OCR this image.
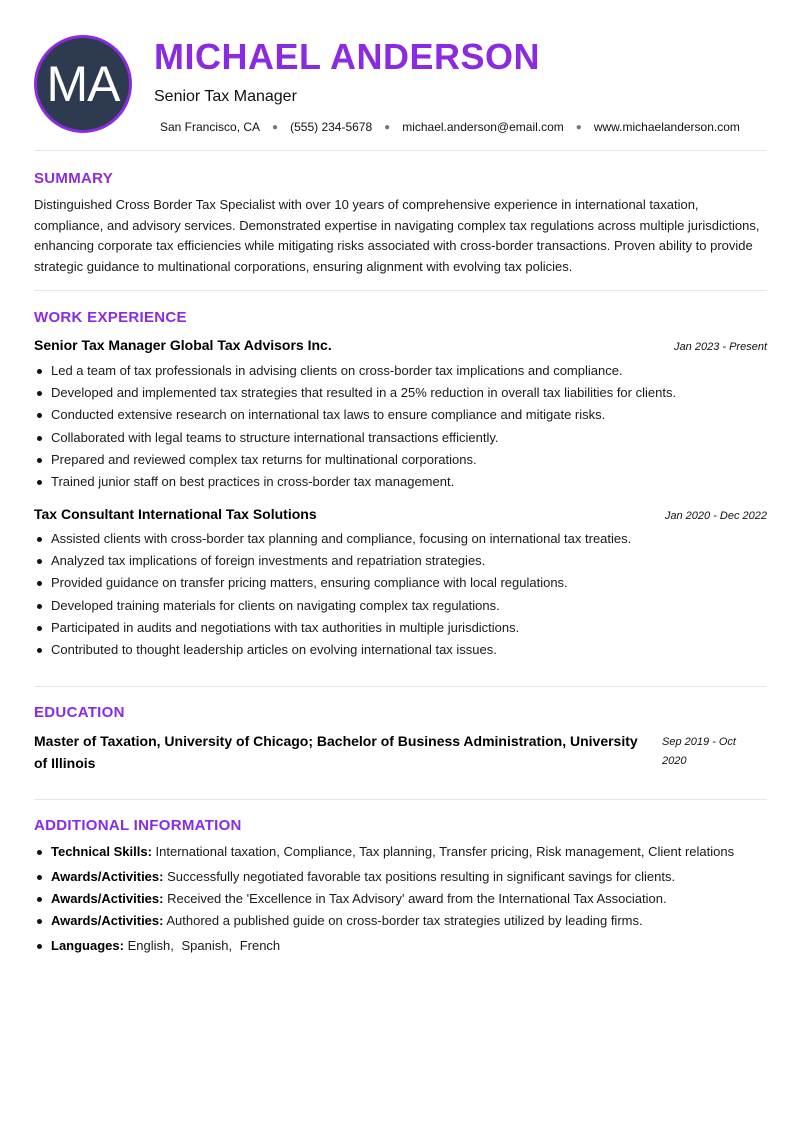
MA MICHAEL ANDERSON
Senior Tax Manager
San Francisco, CA ● (555) 234-5678 ● michael.anderson@email.com ● www.michaelanderson.com
SUMMARY
Distinguished Cross Border Tax Specialist with over 10 years of comprehensive experience in international taxation, compliance, and advisory services. Demonstrated expertise in navigating complex tax regulations across multiple jurisdictions, enhancing corporate tax efficiencies while mitigating risks associated with cross-border transactions. Proven ability to provide strategic guidance to multinational corporations, ensuring alignment with evolving tax policies.
WORK EXPERIENCE
Senior Tax Manager Global Tax Advisors Inc.	Jan 2023 - Present
Led a team of tax professionals in advising clients on cross-border tax implications and compliance.
Developed and implemented tax strategies that resulted in a 25% reduction in overall tax liabilities for clients.
Conducted extensive research on international tax laws to ensure compliance and mitigate risks.
Collaborated with legal teams to structure international transactions efficiently.
Prepared and reviewed complex tax returns for multinational corporations.
Trained junior staff on best practices in cross-border tax management.
Tax Consultant International Tax Solutions	Jan 2020 - Dec 2022
Assisted clients with cross-border tax planning and compliance, focusing on international tax treaties.
Analyzed tax implications of foreign investments and repatriation strategies.
Provided guidance on transfer pricing matters, ensuring compliance with local regulations.
Developed training materials for clients on navigating complex tax regulations.
Participated in audits and negotiations with tax authorities in multiple jurisdictions.
Contributed to thought leadership articles on evolving international tax issues.
EDUCATION
Master of Taxation, University of Chicago; Bachelor of Business Administration, University of Illinois
Sep 2019 - Oct 2020
ADDITIONAL INFORMATION
Technical Skills: International taxation, Compliance, Tax planning, Transfer pricing, Risk management, Client relations
Awards/Activities: Successfully negotiated favorable tax positions resulting in significant savings for clients.
Awards/Activities: Received the 'Excellence in Tax Advisory' award from the International Tax Association.
Awards/Activities: Authored a published guide on cross-border tax strategies utilized by leading firms.
Languages: English, Spanish, French
